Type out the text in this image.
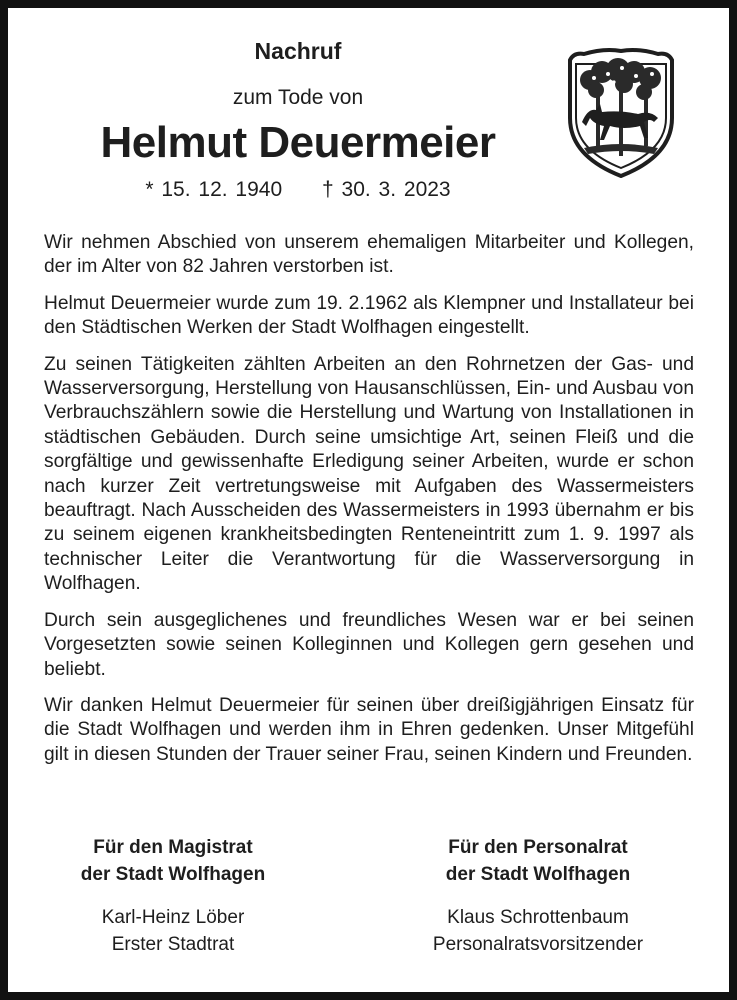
Nachruf
zum Tode von
Helmut Deuermeier
* 15. 12. 1940 † 30. 3. 2023

Wir nehmen Abschied von unserem ehemaligen Mitarbeiter und Kollegen, der im Alter von 82 Jahren verstorben ist.

Helmut Deuermeier wurde zum 19. 2.1962 als Klempner und Installateur bei den Städtischen Werken der Stadt Wolfhagen eingestellt.

Zu seinen Tätigkeiten zählten Arbeiten an den Rohrnetzen der Gas- und Wasserversorgung, Herstellung von Hausanschlüssen, Ein- und Ausbau von Verbrauchszählern sowie die Herstellung und Wartung von Installationen in städtischen Gebäuden. Durch seine umsichtige Art, seinen Fleiß und die sorgfältige und gewissenhafte Erledigung seiner Arbeiten, wurde er schon nach kurzer Zeit vertretungsweise mit Aufgaben des Wassermeisters beauftragt. Nach Ausscheiden des Wassermeisters in 1993 übernahm er bis zu seinem eigenen krankheitsbedingten Renteneintritt zum 1. 9. 1997 als technischer Leiter die Verantwortung für die Wasserversorgung in Wolfhagen.

Durch sein ausgeglichenes und freundliches Wesen war er bei seinen Vorgesetzten sowie seinen Kolleginnen und Kollegen gern gesehen und beliebt.

Wir danken Helmut Deuermeier für seinen über dreißigjährigen Einsatz für die Stadt Wolfhagen und werden ihm in Ehren gedenken. Unser Mitgefühl gilt in diesen Stunden der Trauer seiner Frau, seinen Kindern und Freunden.

Für den Magistrat
der Stadt Wolfhagen
Karl-Heinz Löber
Erster Stadtrat
Für den Personalrat
der Stadt Wolfhagen
Klaus Schrottenbaum
Personalratsvorsitzender
